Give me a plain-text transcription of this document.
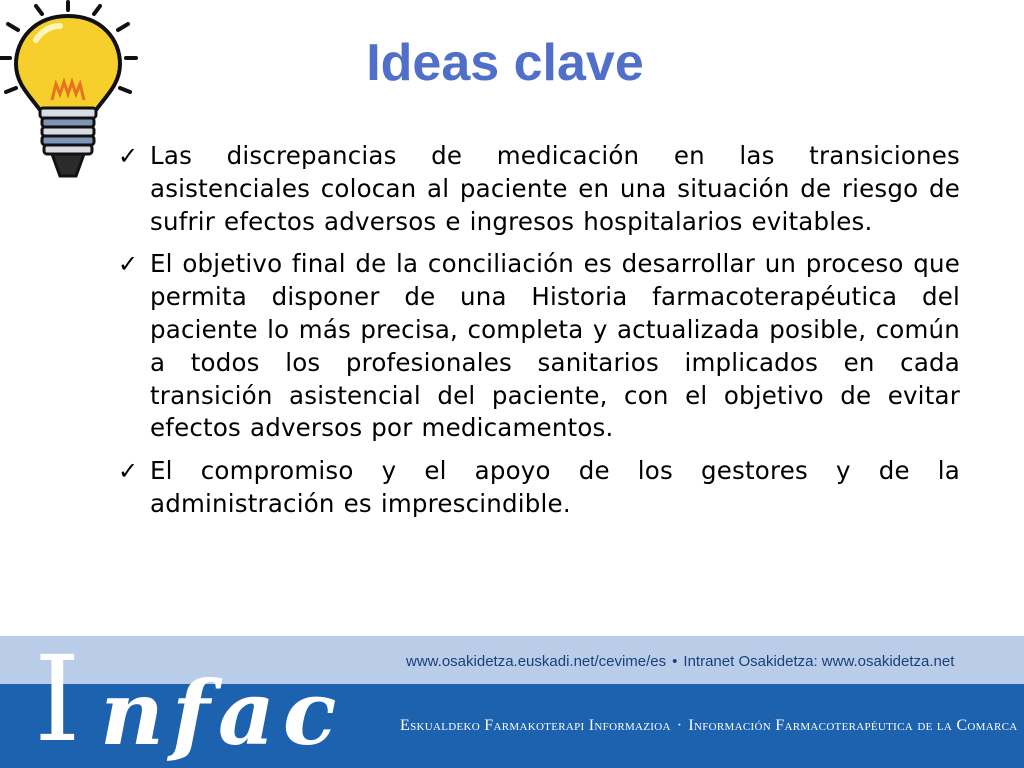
Ideas clave
✓ Las discrepancias de medicación en las transiciones asistenciales colocan al paciente en una situación de riesgo de sufrir efectos adversos e ingresos hospitalarios evitables.
✓ El objetivo final de la conciliación es desarrollar un proceso que permita disponer de una Historia farmacoterapéutica del paciente lo más precisa, completa y actualizada posible, común a todos los profesionales sanitarios implicados en cada transición asistencial del paciente, con el objetivo de evitar efectos adversos por medicamentos.
✓ El compromiso y el apoyo de los gestores y de la administración es imprescindible.
I nfac	www.osakidetza.euskadi.net/cevime/es • Intranet Osakidetza: www.osakidetza.net
Eskualdeko Farmakoterapi Informazioa · Información Farmacoterapéutica de la Comarca
